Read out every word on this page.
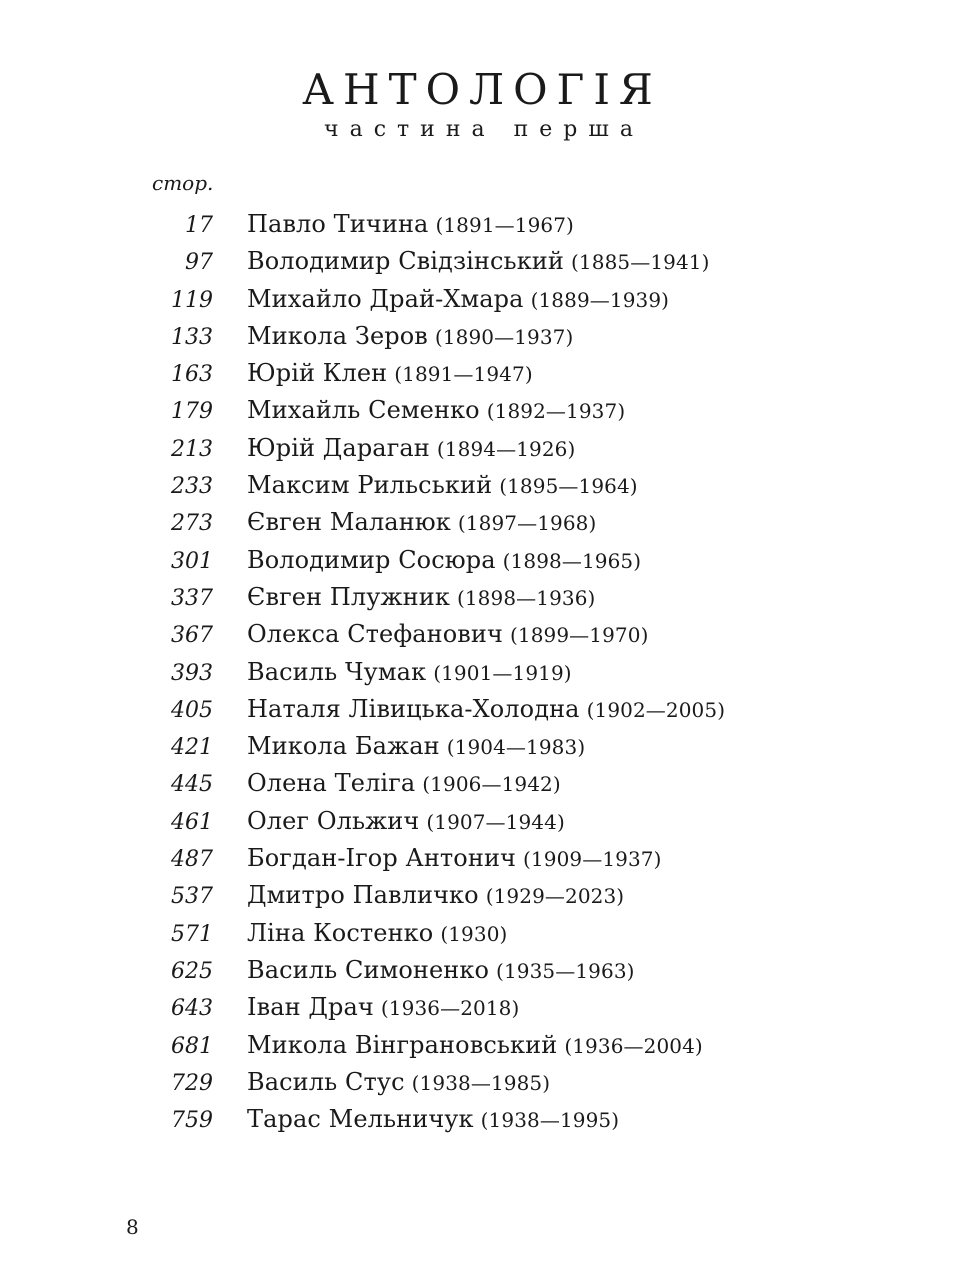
АНТОЛОГІЯ

частина перша

стор.

17 Павло Тичина (1891—1967)
97 Володимир Свідзінський (1885—1941)
119 Михайло Драй-Хмара (1889—1939)
133 Микола Зеров (1890—1937)
163 Юрій Клен (1891—1947)
179 Михайль Семенко (1892—1937)
213 Юрій Дараган (1894—1926)
233 Максим Рильський (1895—1964)
273 Євген Маланюк (1897—1968)
301 Володимир Сосюра (1898—1965)
337 Євген Плужник (1898—1936)
367 Олекса Стефанович (1899—1970)
393 Василь Чумак (1901—1919)
405 Наталя Лівицька-Холодна (1902—2005)
421 Микола Бажан (1904—1983)
445 Олена Теліга (1906—1942)
461 Олег Ольжич (1907—1944)
487 Богдан-Ігор Антонич (1909—1937)
537 Дмитро Павличко (1929—2023)
571 Ліна Костенко (1930)
625 Василь Симоненко (1935—1963)
643 Іван Драч (1936—2018)
681 Микола Вінграновський (1936—2004)
729 Василь Стус (1938—1985)
759 Тарас Мельничук (1938—1995)

8
